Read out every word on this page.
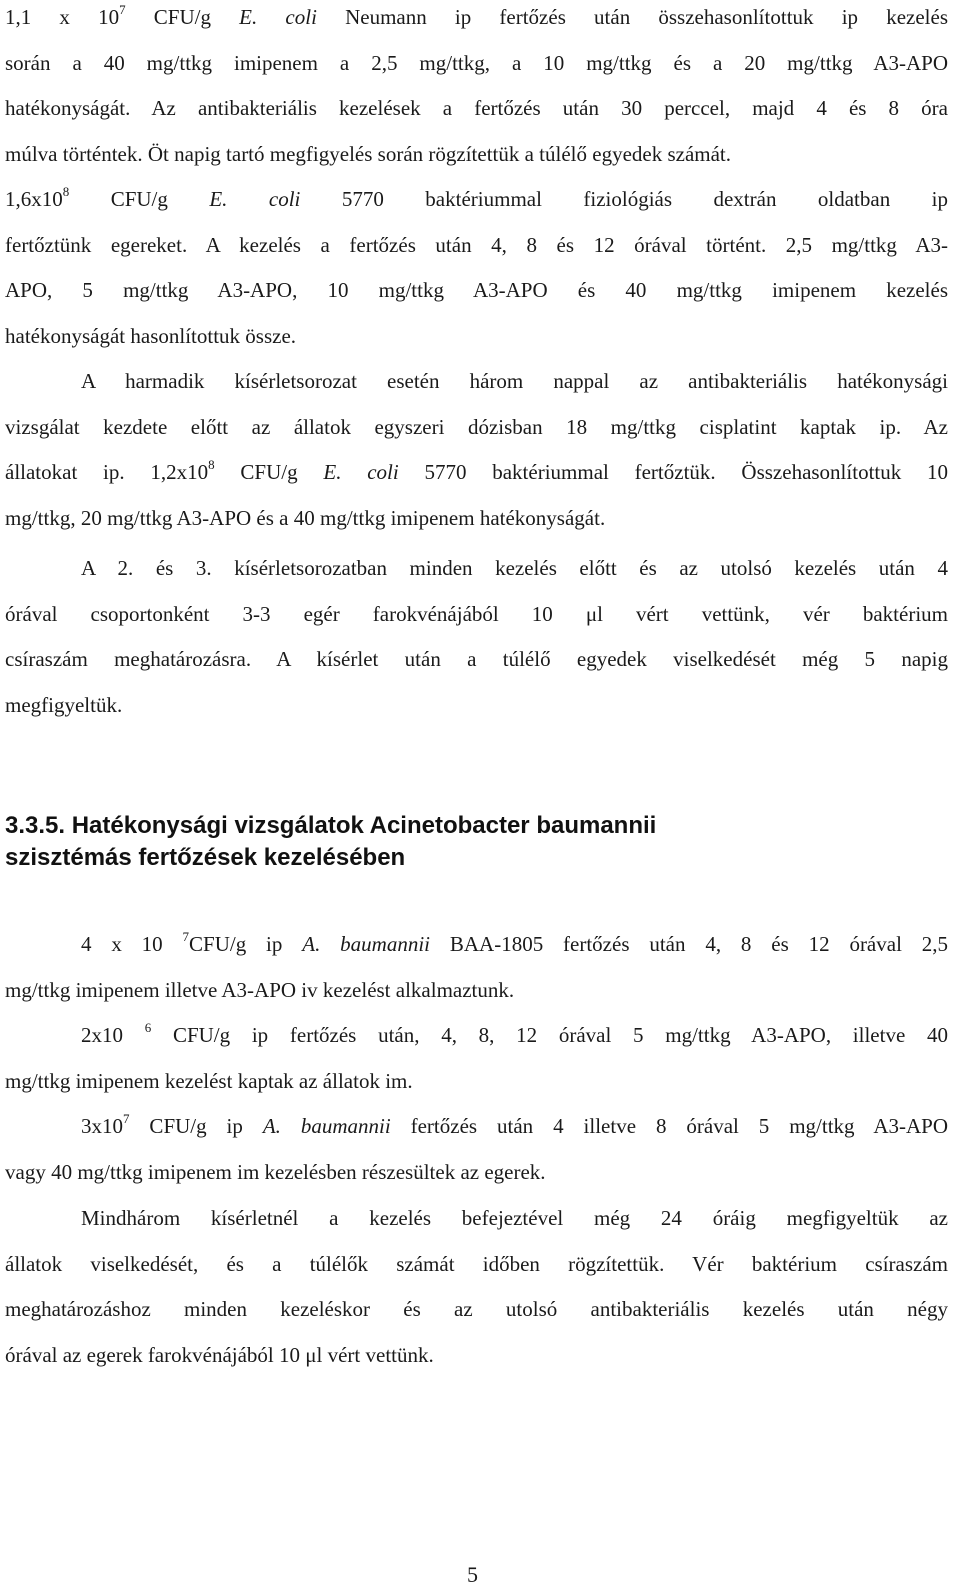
1,1 x $10^7$ CFU/g E. coli Neumann ip fertőzés után összehasonlítottuk ip kezelés
során a 40 mg/ttkg imipenem a 2,5 mg/ttkg, a 10 mg/ttkg és a 20 mg/ttkg A3-APO
hatékonyságát. Az antibakteriális kezelések a fertőzés után 30 perccel, majd 4 és 8 óra
múlva történtek. Öt napig tartó megfigyelés során rögzítettük a túlélő egyedek számát.
$1,6x10^8$ CFU/g E. coli 5770 baktériummal fiziológiás dextrán oldatban ip
fertőztünk egereket. A kezelés a fertőzés után 4, 8 és 12 órával történt. 2,5 mg/ttkg A3-
APO, 5 mg/ttkg A3-APO, 10 mg/ttkg A3-APO és 40 mg/ttkg imipenem kezelés
hatékonyságát hasonlítottuk össze.
A harmadik kísérletsorozat esetén három nappal az antibakteriális hatékonysági
vizsgálat kezdete előtt az állatok egyszeri dózisban 18 mg/ttkg cisplatint kaptak ip. Az
állatokat ip. $1,2x10^8$ CFU/g E. coli 5770 baktériummal fertőztük. Összehasonlítottuk 10
mg/ttkg, 20 mg/ttkg A3-APO és a 40 mg/ttkg imipenem hatékonyságát.
A 2. és 3. kísérletsorozatban minden kezelés előtt és az utolsó kezelés után 4
órával csoportonként 3-3 egér farokvénájából 10 μl vért vettünk, vér baktérium
csíraszám meghatározásra. A kísérlet után a túlélő egyedek viselkedését még 5 napig
megfigyeltük.
3.3.5. Hatékonysági vizsgálatok Acinetobacter baumannii
szisztémás fertőzések kezelésében
4 x 10 $^7$CFU/g ip A. baumannii BAA-1805 fertőzés után 4, 8 és 12 órával 2,5
mg/ttkg imipenem illetve A3-APO iv kezelést alkalmaztunk.
2x10 $^6$ CFU/g ip fertőzés után, 4, 8, 12 órával 5 mg/ttkg A3-APO, illetve 40
mg/ttkg imipenem kezelést kaptak az állatok im.
$3x10^7$ CFU/g ip A. baumannii fertőzés után 4 illetve 8 órával 5 mg/ttkg A3-APO
vagy 40 mg/ttkg imipenem im kezelésben részesültek az egerek.
Mindhárom kísérletnél a kezelés befejeztével még 24 óráig megfigyeltük az
állatok viselkedését, és a túlélők számát időben rögzítettük. Vér baktérium csíraszám
meghatározáshoz minden kezeléskor és az utolsó antibakteriális kezelés után négy
órával az egerek farokvénájából 10 μl vért vettünk.
5
